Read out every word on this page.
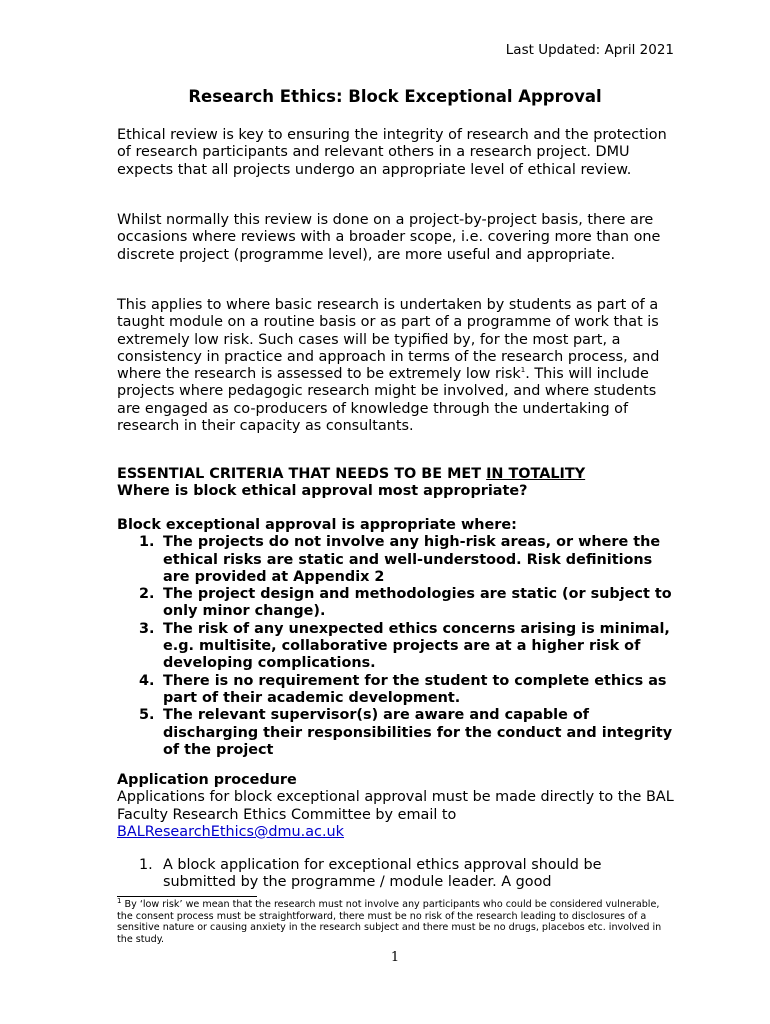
Last Updated: April 2021
Research Ethics: Block Exceptional Approval
Ethical review is key to ensuring the integrity of research and the protection of research participants and relevant others in a research project. DMU expects that all projects undergo an appropriate level of ethical review.
Whilst normally this review is done on a project-by-project basis, there are occasions where reviews with a broader scope, i.e. covering more than one discrete project (programme level), are more useful and appropriate.
This applies to where basic research is undertaken by students as part of a taught module on a routine basis or as part of a programme of work that is extremely low risk. Such cases will be typified by, for the most part, a consistency in practice and approach in terms of the research process, and where the research is assessed to be extremely low risk$^1$. This will include projects where pedagogic research might be involved, and where students are engaged as co-producers of knowledge through the undertaking of research in their capacity as consultants.
ESSENTIAL CRITERIA THAT NEEDS TO BE MET IN TOTALITY
Where is block ethical approval most appropriate?
Block exceptional approval is appropriate where:
1. The projects do not involve any high-risk areas, or where the ethical risks are static and well-understood. Risk definitions are provided at Appendix 2
2. The project design and methodologies are static (or subject to only minor change).
3. The risk of any unexpected ethics concerns arising is minimal, e.g. multisite, collaborative projects are at a higher risk of developing complications.
4. There is no requirement for the student to complete ethics as part of their academic development.
5. The relevant supervisor(s) are aware and capable of discharging their responsibilities for the conduct and integrity of the project
Application procedure
Applications for block exceptional approval must be made directly to the BAL Faculty Research Ethics Committee by email to BALResearchEthics@dmu.ac.uk
1. A block application for exceptional ethics approval should be submitted by the programme / module leader. A good
$^1$ By ‘low risk’ we mean that the research must not involve any participants who could be considered vulnerable, the consent process must be straightforward, there must be no risk of the research leading to disclosures of a sensitive nature or causing anxiety in the research subject and there must be no drugs, placebos etc. involved in the study.
1
